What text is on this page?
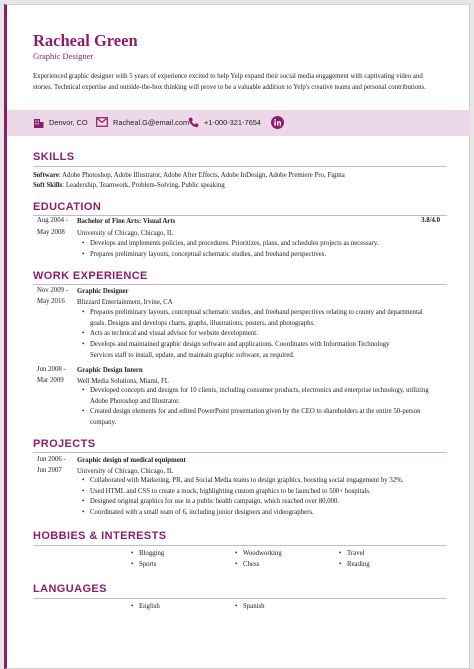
Racheal Green
Graphic Designer
Experienced graphic designer with 5 years of experience excited to help Yelp expand their social media engagement with captivating video and stories. Technical expertise and outside-the-box thinking will prove to be a valuable addition to Yelp's creative teams and personal contributions.
Denvor, CO	Racheal.G@email.com +1-000-321-7654
SKILLS
Software: Adobe Photoshop, Adobe Illustrator, Adobe After Effects, Adobe InDesign, Adobe Premiere Pro, Figma
Soft Skills: Leadership, Teamwork, Problem-Solving, Public speaking
EDUCATION
Aug 2004 -
May 2008
Bachelor of Fine Arts: Visual Arts	3.8/4.0
University of Chicago, Chicago, IL
• Develops and implements policies, and procedures. Prioritizes, plans, and schedules projects as necessary.
• Prepares preliminary layouts, conceptual schematic studies, and freehand perspectives.
WORK EXPERIENCE
Nov 2009 -
May 2016
Graphic Designer
Blizzard Entertainment, Irvine, CA
• Prepares preliminary layouts, conceptual schematic studies, and freeband perspectives relating to county and departmental
goals. Designs and develops charts, graphs, illustrations, posters, and photographs.
• Acts as technical and visual advisor for website development.
• Develops and maintained graphic design software and applications. Coordinates with Information Technology
Services staff to install, update, and maintain graphic software, as required.
Jun 2008 -
Mar 2009
Graphic Design Intern
Well Media Solutions, Miami, FL
• Developed concepts and designs for 10 clients, including consumer products, electronics and enterprise technology, utilizing
Adobe Photoshop and Illustrator.
• Created design elements for and edited PowerPoint presentation given by the CEO to shareholders at the entire 50-person
company.
PROJECTS
Jun 2006 -
Jun 2007
Graphic design of medical equipment
University of Chicago, Chicago, IL
• Collaborated with Marketing, PR, and Social Media teams to design graphics, boosting social engagement by 32%.
• Used HTML and CSS to create a mock, highlighting custom graphics to be launched to 500+ hospitals.
• Designed original graphics for use in a public health campaign, which reached over 80,000.
• Coordinated with a small team of 6, including junior designers and videographers.
HOBBIES & INTERESTS
• Blogging	• Woodworking	• Travel
• Sports	• Chess	• Reading
LANGUAGES
• English	• Spanish
